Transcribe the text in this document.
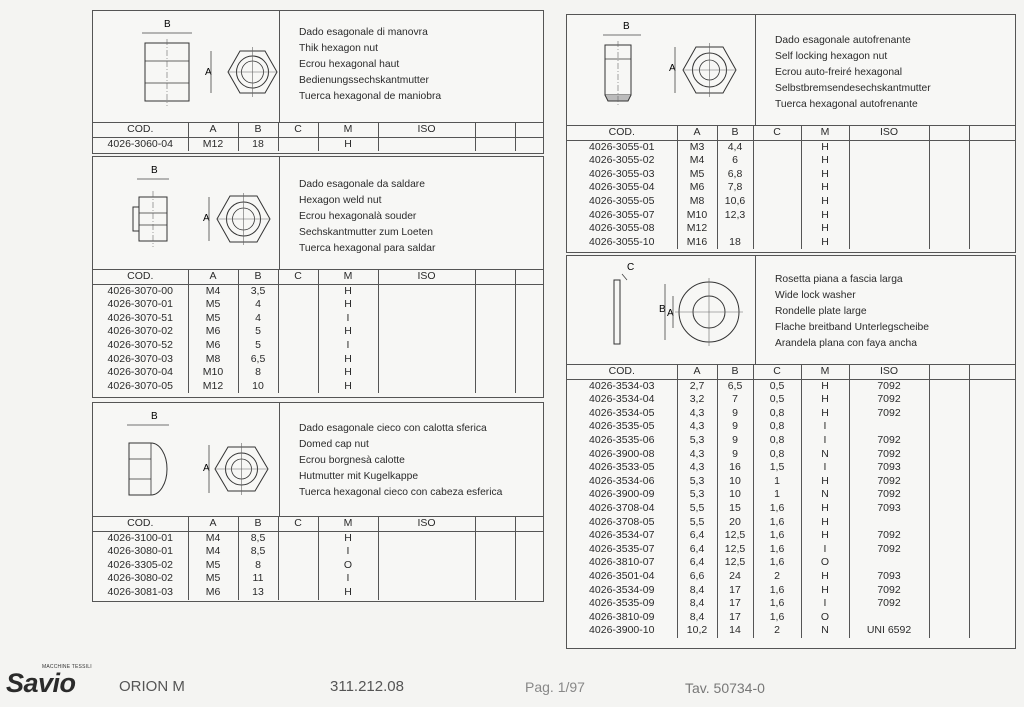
B
A
Dado esagonale di manovra
Thik hexagon nut
Ecrou hexagonal haut
Bedienungssechskantmutter
Tuerca hexagonal de maniobra
COD.	A	B	C	M	ISO		
4026-3060-04	M12	18		H			
B
A
Dado esagonale da saldare
Hexagon weld nut
Ecrou hexagonalà souder
Sechskantmutter zum Loeten
Tuerca hexagonal para saldar
COD.	A	B	C	M	ISO		
4026-3070-00	M4	3,5		H			
4026-3070-01	M5	4		H			
4026-3070-51	M5	4		I			
4026-3070-02	M6	5		H			
4026-3070-52	M6	5		I			
4026-3070-03	M8	6,5		H			
4026-3070-04	M10	8		H			
4026-3070-05	M12	10		H			
B
A
Dado esagonale cieco con calotta sferica
Domed cap nut
Ecrou borgnesà calotte
Hutmutter mit Kugelkappe
Tuerca hexagonal cieco con cabeza esferica
COD.	A	B	C	M	ISO		
4026-3100-01	M4	8,5		H			
4026-3080-01	M4	8,5		I			
4026-3305-02	M5	8		O			
4026-3080-02	M5	11		I			
4026-3081-03	M6	13		H			
B
A
Dado esagonale autofrenante
Self locking hexagon nut
Ecrou auto-freiré hexagonal
Selbstbremsendesechskantmutter
Tuerca hexagonal autofrenante
COD.	A	B	C	M	ISO		
4026-3055-01	M3	4,4		H			
4026-3055-02	M4	6		H			
4026-3055-03	M5	6,8		H			
4026-3055-04	M6	7,8		H			
4026-3055-05	M8	10,6		H			
4026-3055-07	M10	12,3		H			
4026-3055-08	M12			H			
4026-3055-10	M16	18		H			
C
B A
Rosetta piana a fascia larga
Wide lock washer
Rondelle plate large
Flache breitband Unterlegscheibe
Arandela plana con faya ancha
COD.	A	B	C	M	ISO		
4026-3534-03	2,7	6,5	0,5	H	7092		
4026-3534-04	3,2	7	0,5	H	7092		
4026-3534-05	4,3	9	0,8	H	7092		
4026-3535-05	4,3	9	0,8	I			
4026-3535-06	5,3	9	0,8	I	7092		
4026-3900-08	4,3	9	0,8	N	7092		
4026-3533-05	4,3	16	1,5	I	7093		
4026-3534-06	5,3	10	1	H	7092		
4026-3900-09	5,3	10	1	N	7092		
4026-3708-04	5,5	15	1,6	H	7093		
4026-3708-05	5,5	20	1,6	H			
4026-3534-07	6,4	12,5	1,6	H	7092		
4026-3535-07	6,4	12,5	1,6	I	7092		
4026-3810-07	6,4	12,5	1,6	O			
4026-3501-04	6,6	24	2	H	7093		
4026-3534-09	8,4	17	1,6	H	7092		
4026-3535-09	8,4	17	1,6	I	7092		
4026-3810-09	8,4	17	1,6	O			
4026-3900-10	10,2	14	2	N	UNI 6592		
MACCHINE TESSILI
Savio	ORION M	311.212.08	Pag. 1/97	Tav. 50734-0
